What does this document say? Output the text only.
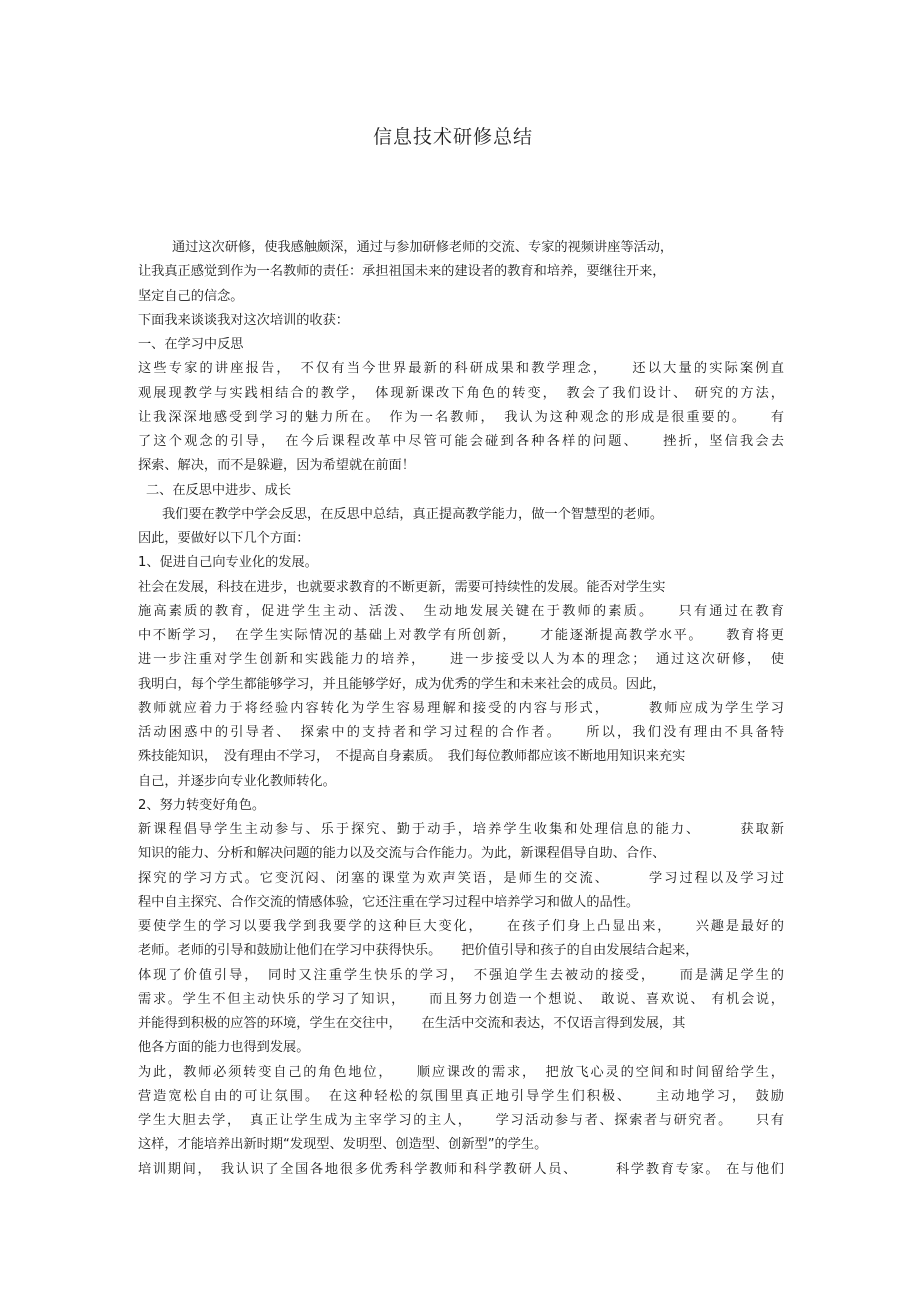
信息技术研修总结
通过这次研修，使我感触颇深，通过与参加研修老师的交流、专家的视频讲座等活动，
让我真正感觉到作为一名教师的责任：承担祖国未来的建设者的教育和培养，要继往开来，
坚定自己的信念。
下面我来谈谈我对这次培训的收获：
一、在学习中反思
这些专家的讲座报告，　不仅有当今世界最新的科研成果和教学理念，　　还以大量的实际案例直
观展现教学与实践相结合的教学，　体现新课改下角色的转变，　教会了我们设计、 研究的方法，
让我深深地感受到学习的魅力所在。　作为一名教师，　我认为这种观念的形成是很重要的。　　有
了这个观念的引导，　在今后课程改革中尽管可能会碰到各种各样的问题、　　挫折，坚信我会去
探索、解决，而不是躲避，因为希望就在前面！
二、在反思中进步、成长
我们要在教学中学会反思，在反思中总结，真正提高教学能力，做一个智慧型的老师。
因此，要做好以下几个方面：
1、促进自己向专业化的发展。
社会在发展，科技在进步，也就要求教育的不断更新，需要可持续性的发展。能否对学生实
施高素质的教育，促进学生主动、活泼、　生动地发展关键在于教师的素质。　　只有通过在教育
中不断学习，　在学生实际情况的基础上对教学有所创新，　　才能逐渐提高教学水平。　　教育将更
进一步注重对学生创新和实践能力的培养，　　进一步接受以人为本的理念；　通过这次研修，　使
我明白，每个学生都能够学习，并且能够学好，成为优秀的学生和未来社会的成员。因此，
教师就应着力于将经验内容转化为学生容易理解和接受的内容与形式，　　　教师应成为学生学习
活动困惑中的引导者、　探索中的支持者和学习过程的合作者。　　所以，我们没有理由不具备特
殊技能知识，　没有理由不学习，　不提高自身素质。　我们每位教师都应该不断地用知识来充实
自己，并逐步向专业化教师转化。
2、努力转变好角色。
新课程倡导学生主动参与、乐于探究、勤于动手，培养学生收集和处理信息的能力、　　　获取新
知识的能力、分析和解决问题的能力以及交流与合作能力。为此，新课程倡导自助、合作、
探究的学习方式。它变沉闷、闭塞的课堂为欢声笑语，是师生的交流、　　　学习过程以及学习过
程中自主探究、合作交流的情感体验，它还注重在学习过程中培养学习和做人的品性。
要使学生的学习以要我学到我要学的这种巨大变化，　　在孩子们身上凸显出来，　　兴趣是最好的
老师。老师的引导和鼓励让他们在学习中获得快乐。　　把价值引导和孩子的自由发展结合起来，
体现了价值引导，　同时又注重学生快乐的学习，　不强迫学生去被动的接受，　　而是满足学生的
需求。学生不但主动快乐的学习了知识，　　而且努力创造一个想说、　敢说、喜欢说、 有机会说，
并能得到积极的应答的环境，学生在交往中，　　在生活中交流和表达，不仅语言得到发展，其
他各方面的能力也得到发展。
为此，教师必须转变自己的角色地位，　　顺应课改的需求，　把放飞心灵的空间和时间留给学生，
营造宽松自由的可让氛围。　在这种轻松的氛围里真正地引导学生们积极、　　主动地学习，　鼓励
学生大胆去学，　真正让学生成为主宰学习的主人，　　学习活动参与者、探索者与研究者。　　只有
这样，才能培养出新时期“发现型、发明型、创造型、创新型”的学生。
培训期间，　我认识了全国各地很多优秀科学教师和科学教研人员、　　　科学教育专家。 在与他们
